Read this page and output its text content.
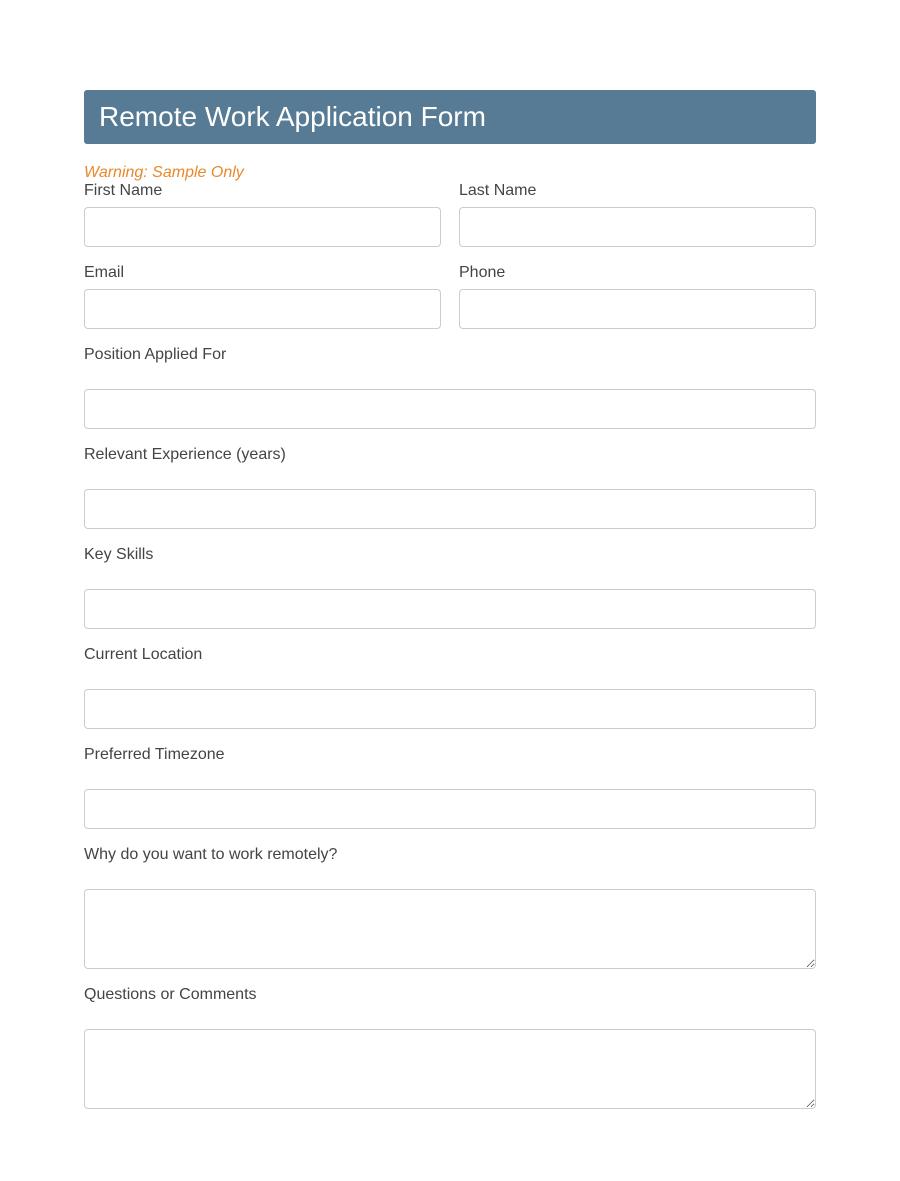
Remote Work Application Form
Warning: Sample Only
First Name	Last Name
Email	Phone
Position Applied For
Relevant Experience (years)
Key Skills
Current Location
Preferred Timezone
Why do you want to work remotely?
Questions or Comments
